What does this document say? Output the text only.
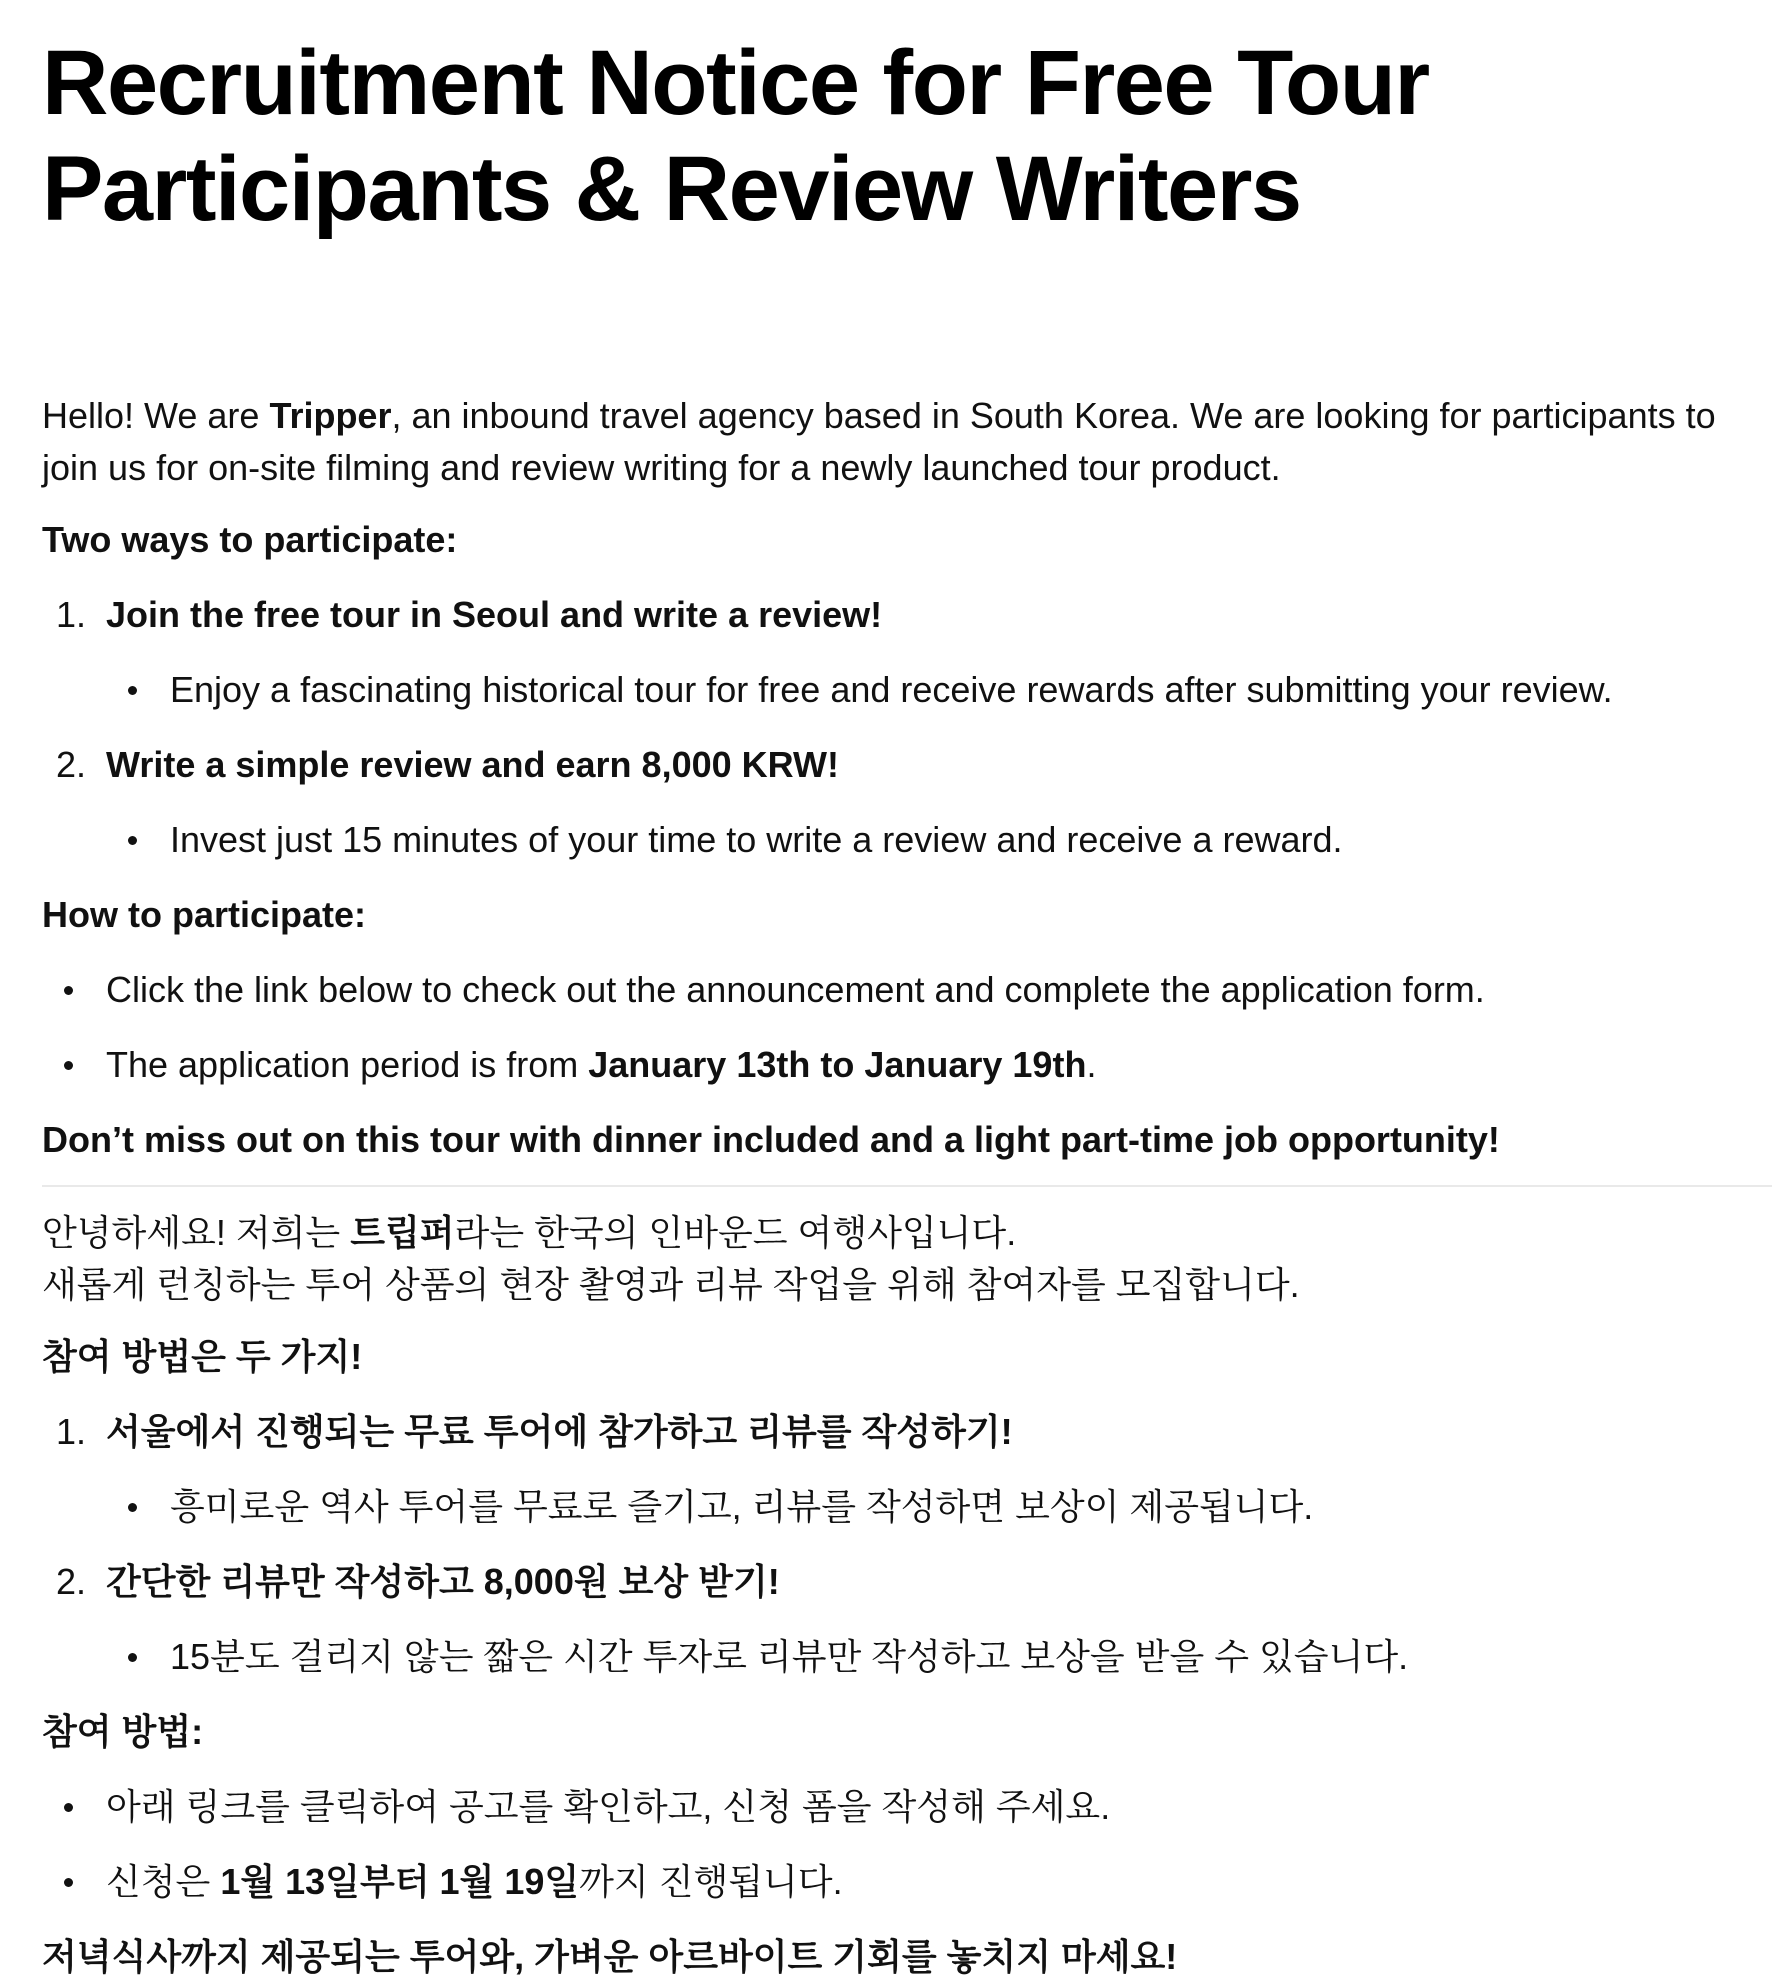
Recruitment Notice for Free Tour Participants & Review Writers

Hello! We are Tripper, an inbound travel agency based in South Korea. We are looking for participants to join us for on-site filming and review writing for a newly launched tour product.

Two ways to participate:

1. Join the free tour in Seoul and write a review!
Enjoy a fascinating historical tour for free and receive rewards after submitting your review.
2. Write a simple review and earn 8,000 KRW!
Invest just 15 minutes of your time to write a review and receive a reward.

How to participate:

Click the link below to check out the announcement and complete the application form.
The application period is from January 13th to January 19th.

Don’t miss out on this tour with dinner included and a light part-time job opportunity!

안녕하세요! 저희는 트립퍼라는 한국의 인바운드 여행사입니다.
새롭게 런칭하는 투어 상품의 현장 촬영과 리뷰 작업을 위해 참여자를 모집합니다.

참여 방법은 두 가지!

1. 서울에서 진행되는 무료 투어에 참가하고 리뷰를 작성하기!
흥미로운 역사 투어를 무료로 즐기고, 리뷰를 작성하면 보상이 제공됩니다.
2. 간단한 리뷰만 작성하고 8,000원 보상 받기!
15분도 걸리지 않는 짧은 시간 투자로 리뷰만 작성하고 보상을 받을 수 있습니다.

참여 방법:

아래 링크를 클릭하여 공고를 확인하고, 신청 폼을 작성해 주세요.
신청은 1월 13일부터 1월 19일까지 진행됩니다.

저녁식사까지 제공되는 투어와, 가벼운 아르바이트 기회를 놓치지 마세요!
